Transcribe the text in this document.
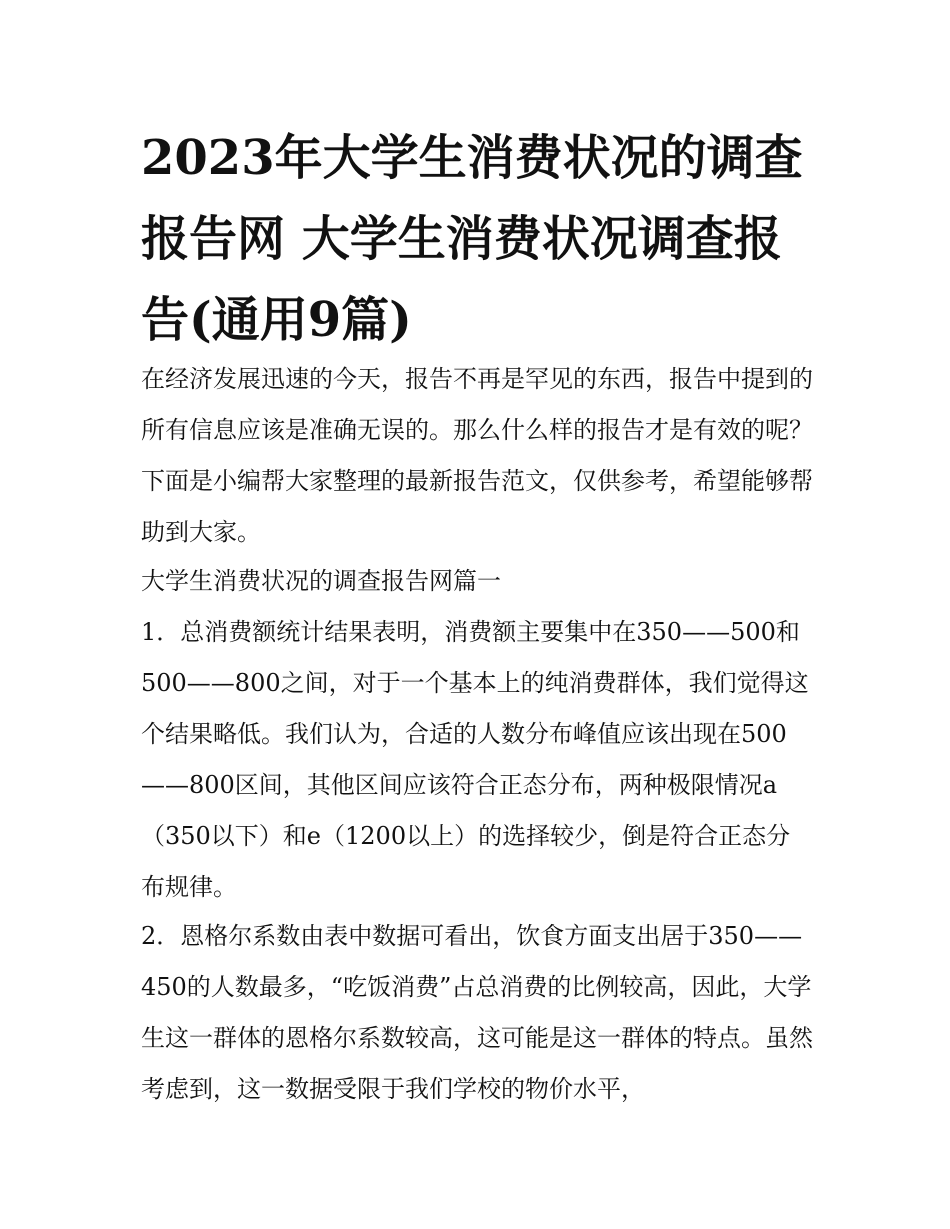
2023年大学生消费状况的调查报告网 大学生消费状况调查报告(通用9篇)

在经济发展迅速的今天，报告不再是罕见的东西，报告中提到的所有信息应该是准确无误的。那么什么样的报告才是有效的呢？下面是小编帮大家整理的最新报告范文，仅供参考，希望能够帮助到大家。

大学生消费状况的调查报告网篇一

1．总消费额统计结果表明，消费额主要集中在350——500和500——800之间，对于一个基本上的纯消费群体，我们觉得这个结果略低。我们认为，合适的人数分布峰值应该出现在500——800区间，其他区间应该符合正态分布，两种极限情况a（350以下）和e（1200以上）的选择较少，倒是符合正态分布规律。

2．恩格尔系数由表中数据可看出，饮食方面支出居于350——450的人数最多，“吃饭消费”占总消费的比例较高，因此，大学生这一群体的恩格尔系数较高，这可能是这一群体的特点。虽然考虑到，这一数据受限于我们学校的物价水平，
